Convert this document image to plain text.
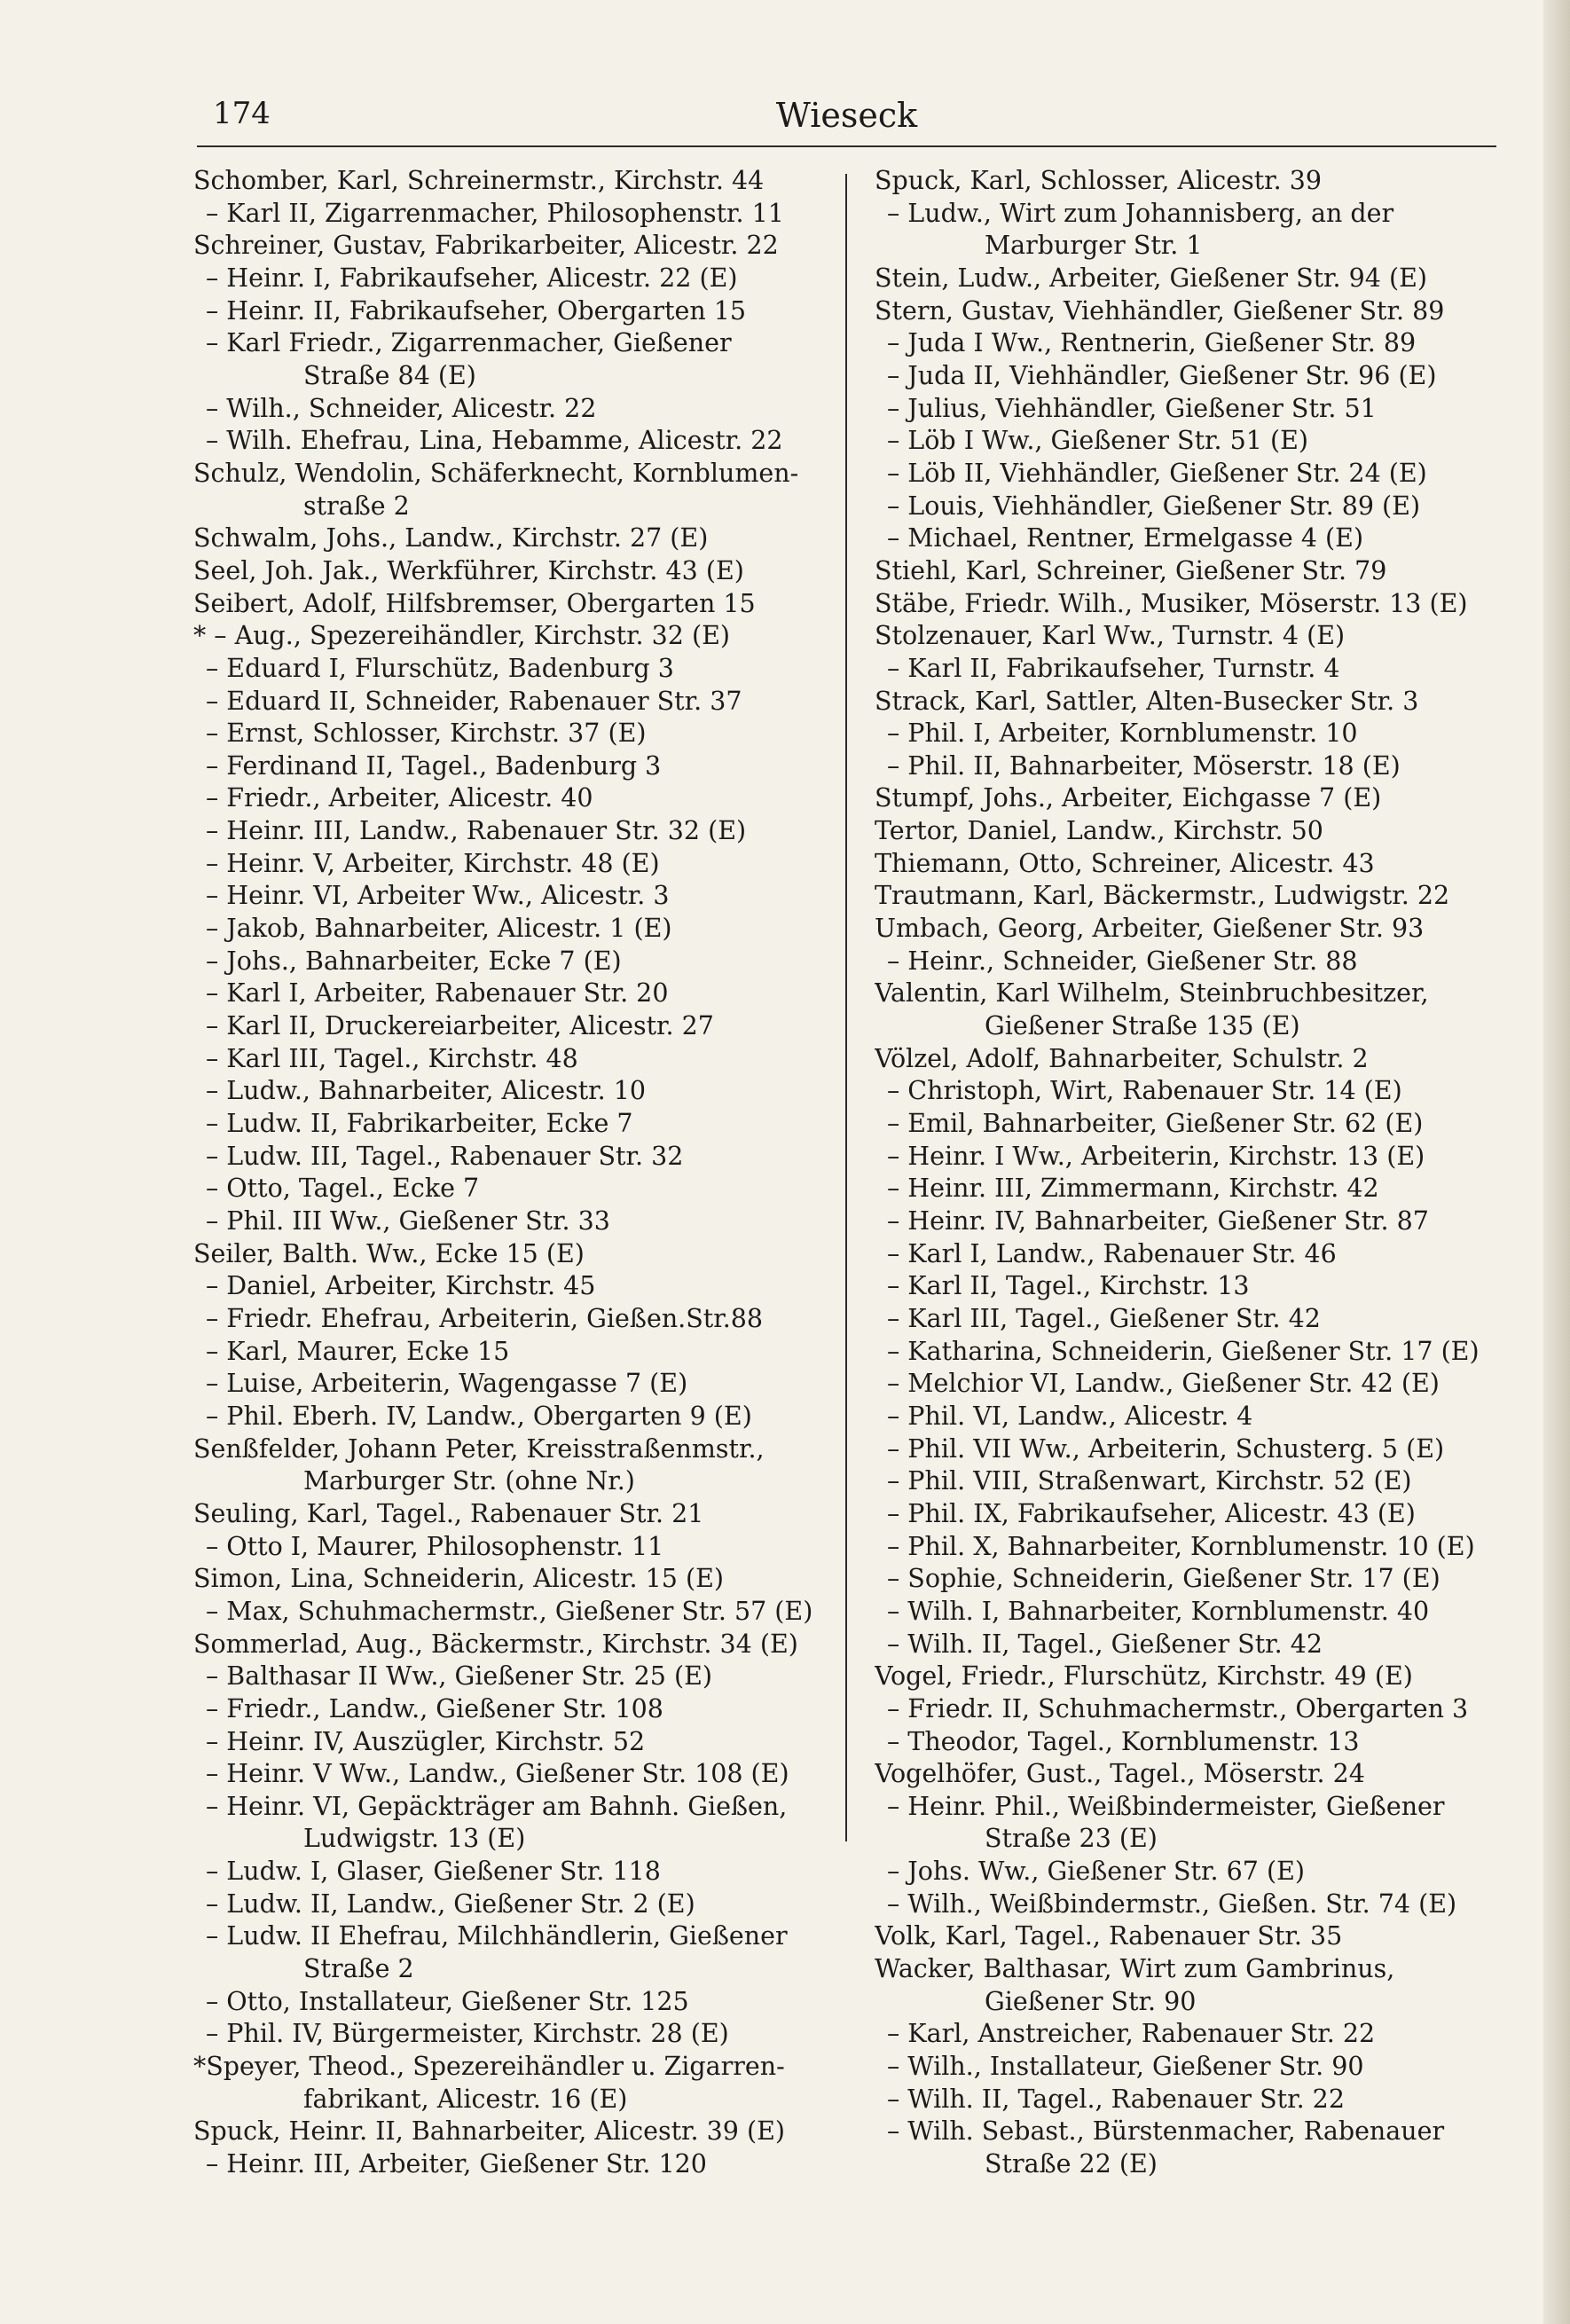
174	Wieseck
Schomber, Karl, Schreinermstr., Kirchstr. 44
– Karl II, Zigarrenmacher, Philosophenstr. 11
Schreiner, Gustav, Fabrikarbeiter, Alicestr. 22
– Heinr. I, Fabrikaufseher, Alicestr. 22 (E)
– Heinr. II, Fabrikaufseher, Obergarten 15
– Karl Friedr., Zigarrenmacher, Gießener
Straße 84 (E)
– Wilh., Schneider, Alicestr. 22
– Wilh. Ehefrau, Lina, Hebamme, Alicestr. 22
Schulz, Wendolin, Schäferknecht, Kornblumen-
straße 2
Schwalm, Johs., Landw., Kirchstr. 27 (E)
Seel, Joh. Jak., Werkführer, Kirchstr. 43 (E)
Seibert, Adolf, Hilfsbremser, Obergarten 15
* – Aug., Spezereihändler, Kirchstr. 32 (E)
– Eduard I, Flurschütz, Badenburg 3
– Eduard II, Schneider, Rabenauer Str. 37
– Ernst, Schlosser, Kirchstr. 37 (E)
– Ferdinand II, Tagel., Badenburg 3
– Friedr., Arbeiter, Alicestr. 40
– Heinr. III, Landw., Rabenauer Str. 32 (E)
– Heinr. V, Arbeiter, Kirchstr. 48 (E)
– Heinr. VI, Arbeiter Ww., Alicestr. 3
– Jakob, Bahnarbeiter, Alicestr. 1 (E)
– Johs., Bahnarbeiter, Ecke 7 (E)
– Karl I, Arbeiter, Rabenauer Str. 20
– Karl II, Druckereiarbeiter, Alicestr. 27
– Karl III, Tagel., Kirchstr. 48
– Ludw., Bahnarbeiter, Alicestr. 10
– Ludw. II, Fabrikarbeiter, Ecke 7
– Ludw. III, Tagel., Rabenauer Str. 32
– Otto, Tagel., Ecke 7
– Phil. III Ww., Gießener Str. 33
Seiler, Balth. Ww., Ecke 15 (E)
– Daniel, Arbeiter, Kirchstr. 45
– Friedr. Ehefrau, Arbeiterin, Gießen.Str.88
– Karl, Maurer, Ecke 15
– Luise, Arbeiterin, Wagengasse 7 (E)
– Phil. Eberh. IV, Landw., Obergarten 9 (E)
Senßfelder, Johann Peter, Kreisstraßenmstr.,
Marburger Str. (ohne Nr.)
Seuling, Karl, Tagel., Rabenauer Str. 21
– Otto I, Maurer, Philosophenstr. 11
Simon, Lina, Schneiderin, Alicestr. 15 (E)
– Max, Schuhmachermstr., Gießener Str. 57 (E)
Sommerlad, Aug., Bäckermstr., Kirchstr. 34 (E)
– Balthasar II Ww., Gießener Str. 25 (E)
– Friedr., Landw., Gießener Str. 108
– Heinr. IV, Auszügler, Kirchstr. 52
– Heinr. V Ww., Landw., Gießener Str. 108 (E)
– Heinr. VI, Gepäckträger am Bahnh. Gießen,
Ludwigstr. 13 (E)
– Ludw. I, Glaser, Gießener Str. 118
– Ludw. II, Landw., Gießener Str. 2 (E)
– Ludw. II Ehefrau, Milchhändlerin, Gießener
Straße 2
– Otto, Installateur, Gießener Str. 125
– Phil. IV, Bürgermeister, Kirchstr. 28 (E)
*Speyer, Theod., Spezereihändler u. Zigarren-
fabrikant, Alicestr. 16 (E)
Spuck, Heinr. II, Bahnarbeiter, Alicestr. 39 (E)
– Heinr. III, Arbeiter, Gießener Str. 120
Spuck, Karl, Schlosser, Alicestr. 39
– Ludw., Wirt zum Johannisberg, an der
Marburger Str. 1
Stein, Ludw., Arbeiter, Gießener Str. 94 (E)
Stern, Gustav, Viehhändler, Gießener Str. 89
– Juda I Ww., Rentnerin, Gießener Str. 89
– Juda II, Viehhändler, Gießener Str. 96 (E)
– Julius, Viehhändler, Gießener Str. 51
– Löb I Ww., Gießener Str. 51 (E)
– Löb II, Viehhändler, Gießener Str. 24 (E)
– Louis, Viehhändler, Gießener Str. 89 (E)
– Michael, Rentner, Ermelgasse 4 (E)
Stiehl, Karl, Schreiner, Gießener Str. 79
Stäbe, Friedr. Wilh., Musiker, Möserstr. 13 (E)
Stolzenauer, Karl Ww., Turnstr. 4 (E)
– Karl II, Fabrikaufseher, Turnstr. 4
Strack, Karl, Sattler, Alten-Busecker Str. 3
– Phil. I, Arbeiter, Kornblumenstr. 10
– Phil. II, Bahnarbeiter, Möserstr. 18 (E)
Stumpf, Johs., Arbeiter, Eichgasse 7 (E)
Tertor, Daniel, Landw., Kirchstr. 50
Thiemann, Otto, Schreiner, Alicestr. 43
Trautmann, Karl, Bäckermstr., Ludwigstr. 22
Umbach, Georg, Arbeiter, Gießener Str. 93
– Heinr., Schneider, Gießener Str. 88
Valentin, Karl Wilhelm, Steinbruchbesitzer,
Gießener Straße 135 (E)
Völzel, Adolf, Bahnarbeiter, Schulstr. 2
– Christoph, Wirt, Rabenauer Str. 14 (E)
– Emil, Bahnarbeiter, Gießener Str. 62 (E)
– Heinr. I Ww., Arbeiterin, Kirchstr. 13 (E)
– Heinr. III, Zimmermann, Kirchstr. 42
– Heinr. IV, Bahnarbeiter, Gießener Str. 87
– Karl I, Landw., Rabenauer Str. 46
– Karl II, Tagel., Kirchstr. 13
– Karl III, Tagel., Gießener Str. 42
– Katharina, Schneiderin, Gießener Str. 17 (E)
– Melchior VI, Landw., Gießener Str. 42 (E)
– Phil. VI, Landw., Alicestr. 4
– Phil. VII Ww., Arbeiterin, Schusterg. 5 (E)
– Phil. VIII, Straßenwart, Kirchstr. 52 (E)
– Phil. IX, Fabrikaufseher, Alicestr. 43 (E)
– Phil. X, Bahnarbeiter, Kornblumenstr. 10 (E)
– Sophie, Schneiderin, Gießener Str. 17 (E)
– Wilh. I, Bahnarbeiter, Kornblumenstr. 40
– Wilh. II, Tagel., Gießener Str. 42
Vogel, Friedr., Flurschütz, Kirchstr. 49 (E)
– Friedr. II, Schuhmachermstr., Obergarten 3
– Theodor, Tagel., Kornblumenstr. 13
Vogelhöfer, Gust., Tagel., Möserstr. 24
– Heinr. Phil., Weißbindermeister, Gießener
Straße 23 (E)
– Johs. Ww., Gießener Str. 67 (E)
– Wilh., Weißbindermstr., Gießen. Str. 74 (E)
Volk, Karl, Tagel., Rabenauer Str. 35
Wacker, Balthasar, Wirt zum Gambrinus,
Gießener Str. 90
– Karl, Anstreicher, Rabenauer Str. 22
– Wilh., Installateur, Gießener Str. 90
– Wilh. II, Tagel., Rabenauer Str. 22
– Wilh. Sebast., Bürstenmacher, Rabenauer
Straße 22 (E)
